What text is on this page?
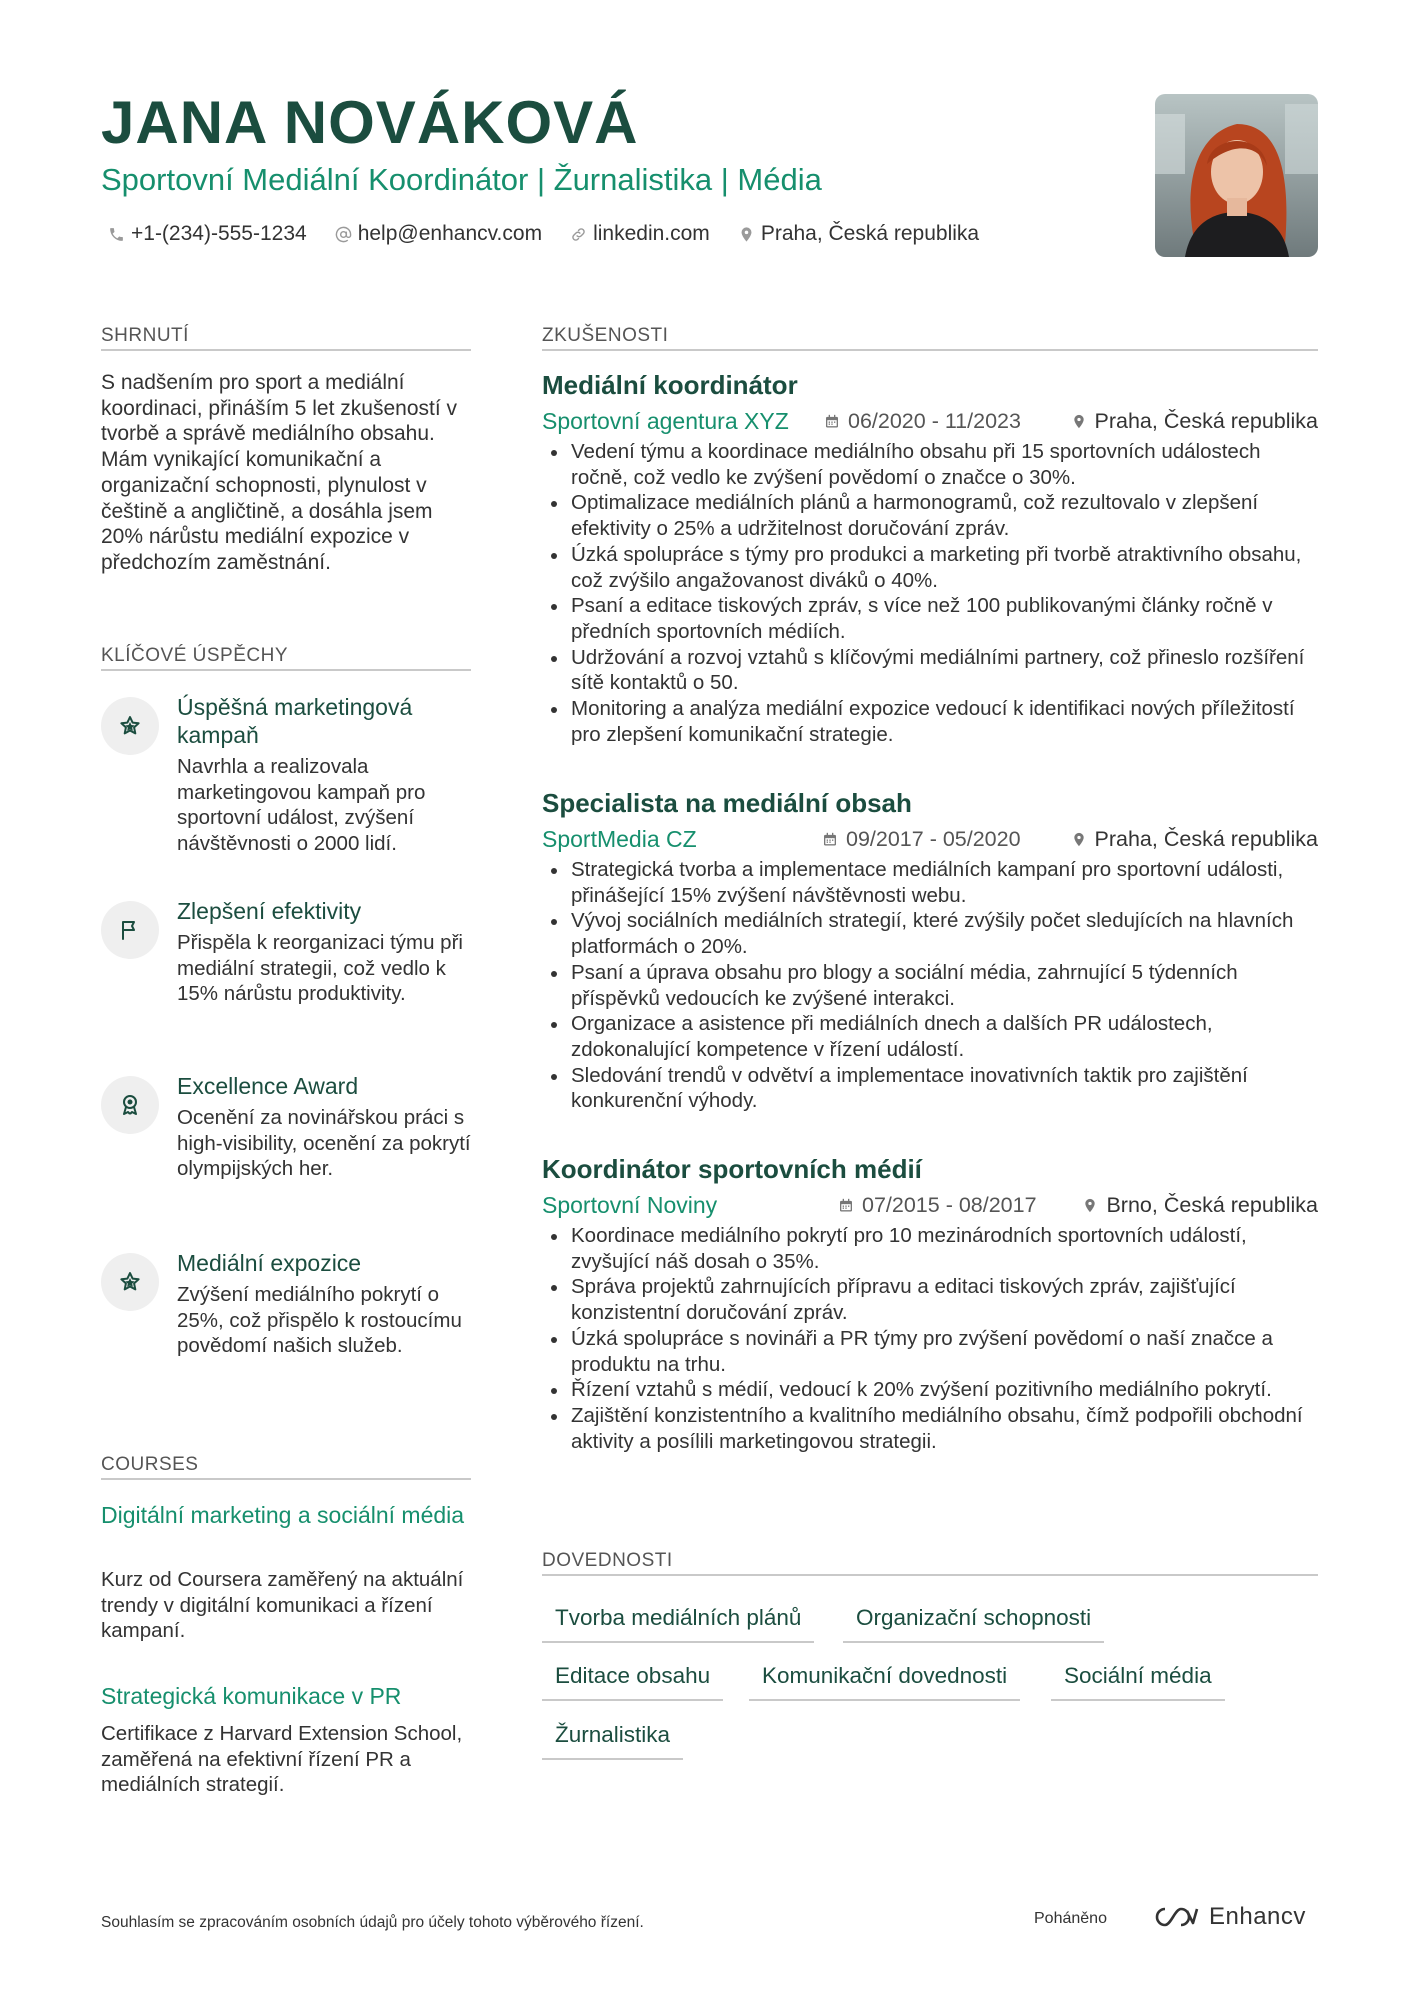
JANA NOVÁKOVÁ
Sportovní Mediální Koordinátor | Žurnalistika | Média
+1-(234)-555-1234 help@enhancv.com linkedin.com Praha, Česká republika
SHRNUTÍ
S nadšením pro sport a mediální koordinaci, přináším 5 let zkušeností v tvorbě a správě mediálního obsahu. Mám vynikající komunikační a organizační schopnosti, plynulost v češtině a angličtině, a dosáhla jsem 20% nárůstu mediální expozice v předchozím zaměstnání.
KLÍČOVÉ ÚSPĚCHY
Úspěšná marketingová kampaň
Navrhla a realizovala marketingovou kampaň pro sportovní událost, zvýšení návštěvnosti o 2000 lidí.
Zlepšení efektivity
Přispěla k reorganizaci týmu při mediální strategii, což vedlo k 15% nárůstu produktivity.
Excellence Award
Ocenění za novinářskou práci s high-visibility, ocenění za pokrytí olympijských her.
Mediální expozice
Zvýšení mediálního pokrytí o 25%, což přispělo k rostoucímu povědomí našich služeb.
COURSES
Digitální marketing a sociální média
Kurz od Coursera zaměřený na aktuální trendy v digitální komunikaci a řízení kampaní.
Strategická komunikace v PR
Certifikace z Harvard Extension School, zaměřená na efektivní řízení PR a mediálních strategií.
ZKUŠENOSTI
Mediální koordinátor
Sportovní agentura XYZ	06/2020 - 11/2023	Praha, Česká republika
Vedení týmu a koordinace mediálního obsahu při 15 sportovních událostech ročně, což vedlo ke zvýšení povědomí o značce o 30%.
Optimalizace mediálních plánů a harmonogramů, což rezultovalo v zlepšení efektivity o 25% a udržitelnost doručování zpráv.
Úzká spolupráce s týmy pro produkci a marketing při tvorbě atraktivního obsahu, což zvýšilo angažovanost diváků o 40%.
Psaní a editace tiskových zpráv, s více než 100 publikovanými články ročně v předních sportovních médiích.
Udržování a rozvoj vztahů s klíčovými mediálními partnery, což přineslo rozšíření sítě kontaktů o 50.
Monitoring a analýza mediální expozice vedoucí k identifikaci nových příležitostí pro zlepšení komunikační strategie.
Specialista na mediální obsah
SportMedia CZ	09/2017 - 05/2020	Praha, Česká republika
Strategická tvorba a implementace mediálních kampaní pro sportovní události, přinášející 15% zvýšení návštěvnosti webu.
Vývoj sociálních mediálních strategií, které zvýšily počet sledujících na hlavních platformách o 20%.
Psaní a úprava obsahu pro blogy a sociální média, zahrnující 5 týdenních příspěvků vedoucích ke zvýšené interakci.
Organizace a asistence při mediálních dnech a dalších PR událostech, zdokonalující kompetence v řízení událostí.
Sledování trendů v odvětví a implementace inovativních taktik pro zajištění konkurenční výhody.
Koordinátor sportovních médií
Sportovní Noviny	07/2015 - 08/2017	Brno, Česká republika
Koordinace mediálního pokrytí pro 10 mezinárodních sportovních událostí, zvyšující náš dosah o 35%.
Správa projektů zahrnujících přípravu a editaci tiskových zpráv, zajišťující konzistentní doručování zpráv.
Úzká spolupráce s novináři a PR týmy pro zvýšení povědomí o naší značce a produktu na trhu.
Řízení vztahů s médií, vedoucí k 20% zvýšení pozitivního mediálního pokrytí.
Zajištění konzistentního a kvalitního mediálního obsahu, čímž podpořili obchodní aktivity a posílili marketingovou strategii.
DOVEDNOSTI
Tvorba mediálních plánů	Organizační schopnosti
Editace obsahu	Komunikační dovednosti	Sociální média
Žurnalistika
Souhlasím se zpracováním osobních údajů pro účely tohoto výběrového řízení.	Poháněno	Enhancv
